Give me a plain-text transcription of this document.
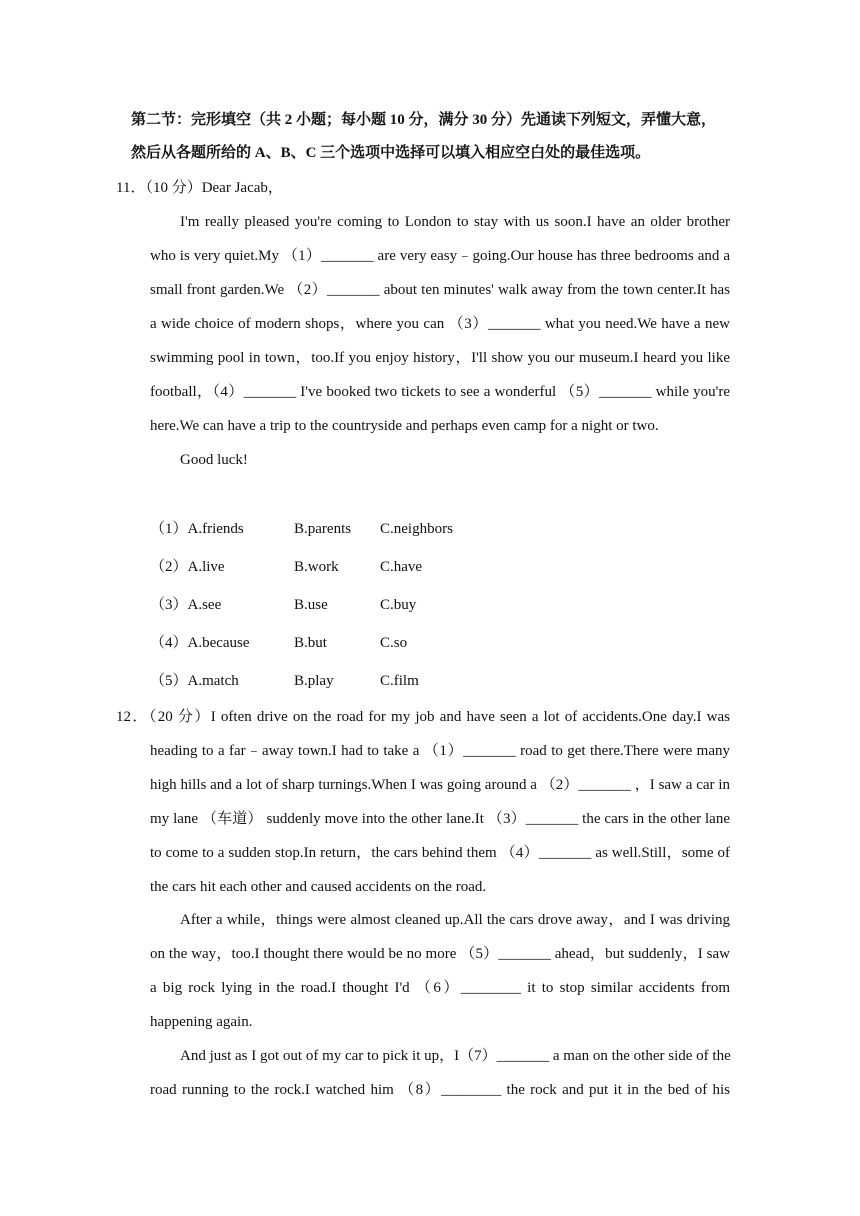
第二节：完形填空（共 2 小题；每小题 10 分，满分 30 分）先通读下列短文，弄懂大意，
然后从各题所给的 A、B、C 三个选项中选择可以填入相应空白处的最佳选项。
11．（10 分）Dear Jacab，
I'm really pleased you're coming to London to stay with us soon.I have an older brother
who is very quiet.My （1）_______ are very easy﹣going.Our house has three bedrooms and a
small front garden.We （2）_______ about ten minutes' walk away from the town center.It has
a wide choice of modern shops，where you can （3）_______ what you need.We have a new
swimming pool in town，too.If you enjoy history，I'll show you our museum.I heard you like
football，（4）_______ I've booked two tickets to see a wonderful （5）_______ while you're
here.We can have a trip to the countryside and perhaps even camp for a night or two.
Good luck!
（1）A.friends	B.parents C.neighbors
（2）A.live	B.work	C.have
（3）A.see	B.use	C.buy
（4）A.because	B.but	C.so
（5）A.match	B.play	C.film
12．（20 分）I often drive on the road for my job and have seen a lot of accidents.One day.I was
heading to a far﹣away town.I had to take a （1）_______ road to get there.There were many
high hills and a lot of sharp turnings.When I was going around a （2）_______ ，I saw a car in
my lane （车道） suddenly move into the other lane.It （3）_______ the cars in the other lane
to come to a sudden stop.In return，the cars behind them （4）_______ as well.Still，some of
the cars hit each other and caused accidents on the road.
After a while，things were almost cleaned up.All the cars drove away，and I was driving
on the way，too.I thought there would be no more （5）_______ ahead，but suddenly，I saw
a big rock lying in the road.I thought I'd （6）________ it to stop similar accidents from
happening again.
And just as I got out of my car to pick it up，I（7）_______ a man on the other side of the
road running to the rock.I watched him （8）________ the rock and put it in the bed of his
